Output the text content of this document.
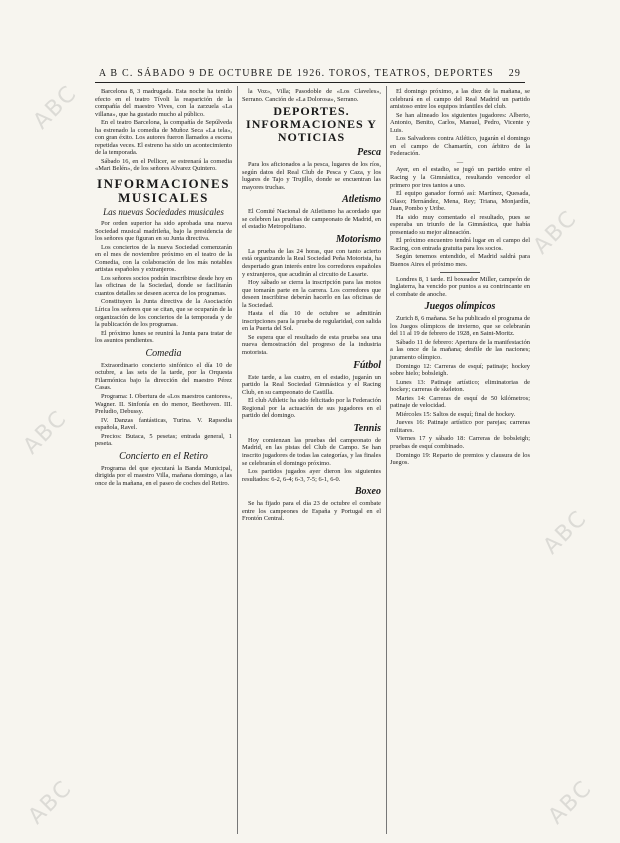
ABC
ABC
ABC
ABC
ABC	ABC
A B C. SÁBADO 9 DE OCTUBRE DE 1926. TOROS, TEATROS, DEPORTES 29

Barcelona 8, 3 madrugada. Esta noche ha tenido efecto en el teatro Tívoli la reaparición de la compañía del maestro Vives, con la zarzuela «La villana», que ha gustado mucho al público.

En el teatro Barcelona, la compañía de Sepúlveda ha estrenado la comedia de Muñoz Seca «La tela», con gran éxito. Los autores fueron llamados a escena repetidas veces. El estreno ha sido un acontecimiento de la temporada.

Sábado 16, en el Pellicer, se estrenará la comedia «Mari Belén», de los señores Alvarez Quintero.

INFORMACIONES MUSICALES
Las nuevas Sociedades musicales

Por orden superior ha sido aprobada una nueva Sociedad musical madrileña, bajo la presidencia de los señores que figuran en su Junta directiva.

Los conciertos de la nueva Sociedad comenzarán en el mes de noviembre próximo en el teatro de la Comedia, con la colaboración de los más notables artistas españoles y extranjeros.

Los señores socios podrán inscribirse desde hoy en las oficinas de la Sociedad, donde se facilitarán cuantos detalles se deseen acerca de los programas.

Constituyen la Junta directiva de la Asociación Lírica los señores que se citan, que se ocuparán de la organización de los conciertos de la temporada y de la publicación de los programas.

El próximo lunes se reunirá la Junta para tratar de los asuntos pendientes.

Comedia

Extraordinario concierto sinfónico el día 10 de octubre, a las seis de la tarde, por la Orquesta Filarmónica bajo la dirección del maestro Pérez Casas.

Programa: I. Obertura de «Los maestros cantores», Wagner. II. Sinfonía en do menor, Beethoven. III. Preludio, Debussy.

IV. Danzas fantásticas, Turina. V. Rapsodia española, Ravel.

Precios: Butaca, 5 pesetas; entrada general, 1 peseta.

Concierto en el Retiro

Programa del que ejecutará la Banda Municipal, dirigida por el maestro Villa, mañana domingo, a las once de la mañana, en el paseo de coches del Retiro.

la Voz», Villa; Pasodoble de «Los Claveles», Serrano. Canción de «La Dolorosa», Serrano.

DEPORTES. INFORMACIONES Y NOTICIAS
Pesca

Para los aficionados a la pesca, lugares de los ríos, según datos del Real Club de Pesca y Caza, y los lugares de Tajo y Trujillo, donde se encuentran las mayores truchas.

Atletismo

El Comité Nacional de Atletismo ha acordado que se celebren las pruebas de campeonato de Madrid, en el estadio Metropolitano.

Motorismo

La prueba de las 24 horas, que con tanto acierto está organizando la Real Sociedad Peña Motorista, ha despertado gran interés entre los corredores españoles y extranjeros, que acudirán al circuito de Lasarte.

Hoy sábado se cierra la inscripción para las motos que tomarán parte en la carrera. Los corredores que deseen inscribirse deberán hacerlo en las oficinas de la Sociedad.

Hasta el día 10 de octubre se admitirán inscripciones para la prueba de regularidad, con salida en la Puerta del Sol.

Se espera que el resultado de esta prueba sea una nueva demostración del progreso de la industria motorista.

Fútbol

Este tarde, a las cuatro, en el estadio, jugarán un partido la Real Sociedad Gimnástica y el Racing Club, en su campeonato de Castilla.

El club Athletic ha sido felicitado por la Federación Regional por la actuación de sus jugadores en el partido del domingo.

Tennis

Hoy comienzan las pruebas del campeonato de Madrid, en las pistas del Club de Campo. Se han inscrito jugadores de todas las categorías, y las finales se celebrarán el domingo próximo.

Los partidos jugados ayer dieron los siguientes resultados: 6-2, 6-4; 6-3, 7-5; 6-1, 6-0.

Boxeo

Se ha fijado para el día 23 de octubre el combate entre los campeones de España y Portugal en el Frontón Central.

El domingo próximo, a las diez de la mañana, se celebrará en el campo del Real Madrid un partido amistoso entre los equipos infantiles del club.

Se han alineado los siguientes jugadores: Alberto, Antonio, Benito, Carlos, Manuel, Pedro, Vicente y Luis.

Los Salvadores contra Atlético, jugarán el domingo en el campo de Chamartín, con árbitro de la Federación.

—

Ayer, en el estadio, se jugó un partido entre el Racing y la Gimnástica, resultando vencedor el primero por tres tantos a uno.

El equipo ganador formó así: Martínez, Quesada, Olaso; Hernández, Mena, Rey; Triana, Monjardín, Juan, Pombo y Uribe.

Ha sido muy comentado el resultado, pues se esperaba un triunfo de la Gimnástica, que había presentado su mejor alineación.

El próximo encuentro tendrá lugar en el campo del Racing, con entrada gratuita para los socios.

Según tenemos entendido, el Madrid saldrá para Buenos Aires el próximo mes.

Londres 8, 1 tarde. El boxeador Miller, campeón de Inglaterra, ha vencido por puntos a su contrincante en el combate de anoche.

Juegos olímpicos

Zurich 8, 6 mañana. Se ha publicado el programa de los Juegos olímpicos de invierno, que se celebrarán del 11 al 19 de febrero de 1928, en Saint-Moritz.

Sábado 11 de febrero: Apertura de la manifestación a las once de la mañana; desfile de las naciones; juramento olímpico.

Domingo 12: Carreras de esquí; patinaje; hockey sobre hielo; bobsleigh.

Lunes 13: Patinaje artístico; eliminatorias de hockey; carreras de skeleton.

Martes 14: Carreras de esquí de 50 kilómetros; patinaje de velocidad.

Miércoles 15: Saltos de esquí; final de hockey.

Jueves 16: Patinaje artístico por parejas; carreras militares.

Viernes 17 y sábado 18: Carreras de bobsleigh; pruebas de esquí combinado.

Domingo 19: Reparto de premios y clausura de los Juegos.
